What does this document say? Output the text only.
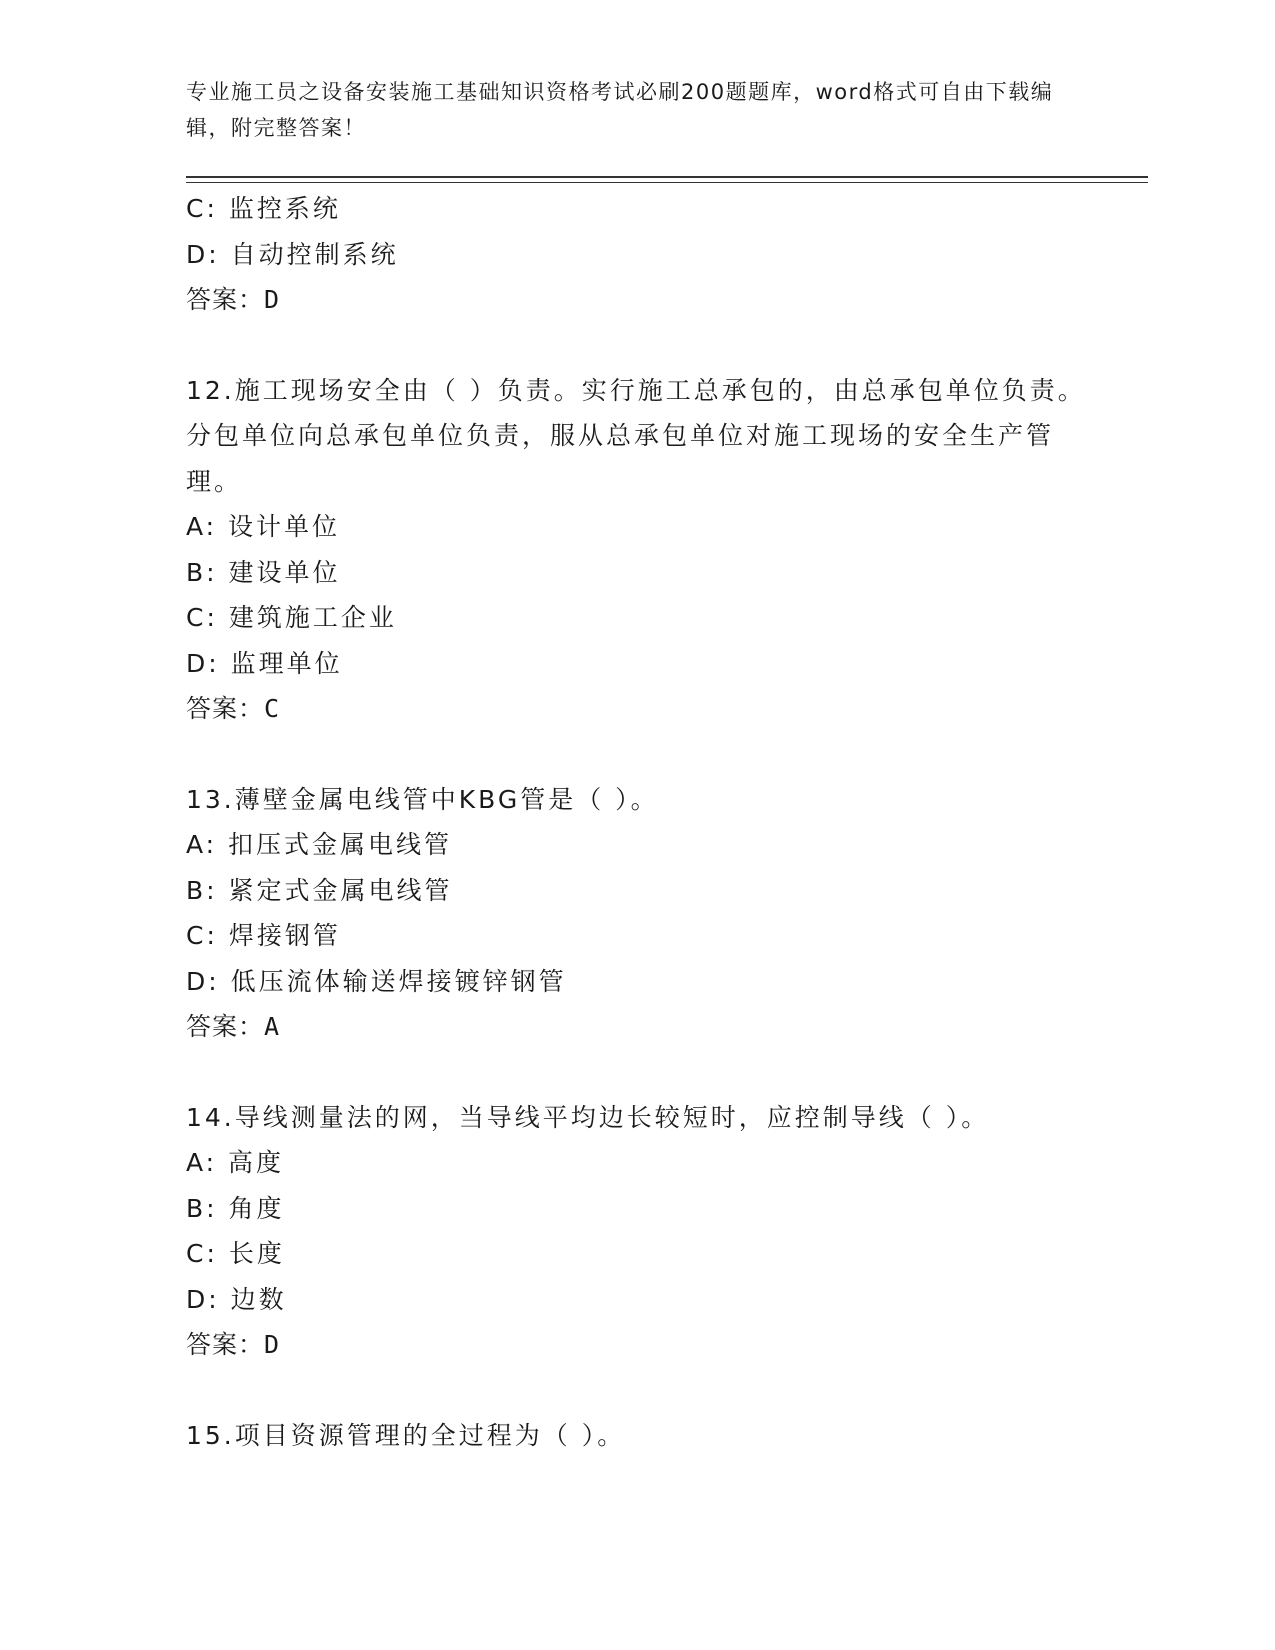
专业施工员之设备安装施工基础知识资格考试必刷200题题库，word格式可自由下载编辑，附完整答案！
C: 监控系统
D: 自动控制系统
答案：D
12.施工现场安全由（ ）负责。实行施工总承包的，由总承包单位负责。分包单位向总承包单位负责，服从总承包单位对施工现场的安全生产管理。
A: 设计单位
B: 建设单位
C: 建筑施工企业
D: 监理单位
答案：C
13.薄壁金属电线管中KBG管是（ ）。
A: 扣压式金属电线管
B: 紧定式金属电线管
C: 焊接钢管
D: 低压流体输送焊接镀锌钢管
答案：A
14.导线测量法的网，当导线平均边长较短时，应控制导线（ ）。
A: 高度
B: 角度
C: 长度
D: 边数
答案：D
15.项目资源管理的全过程为（ ）。
